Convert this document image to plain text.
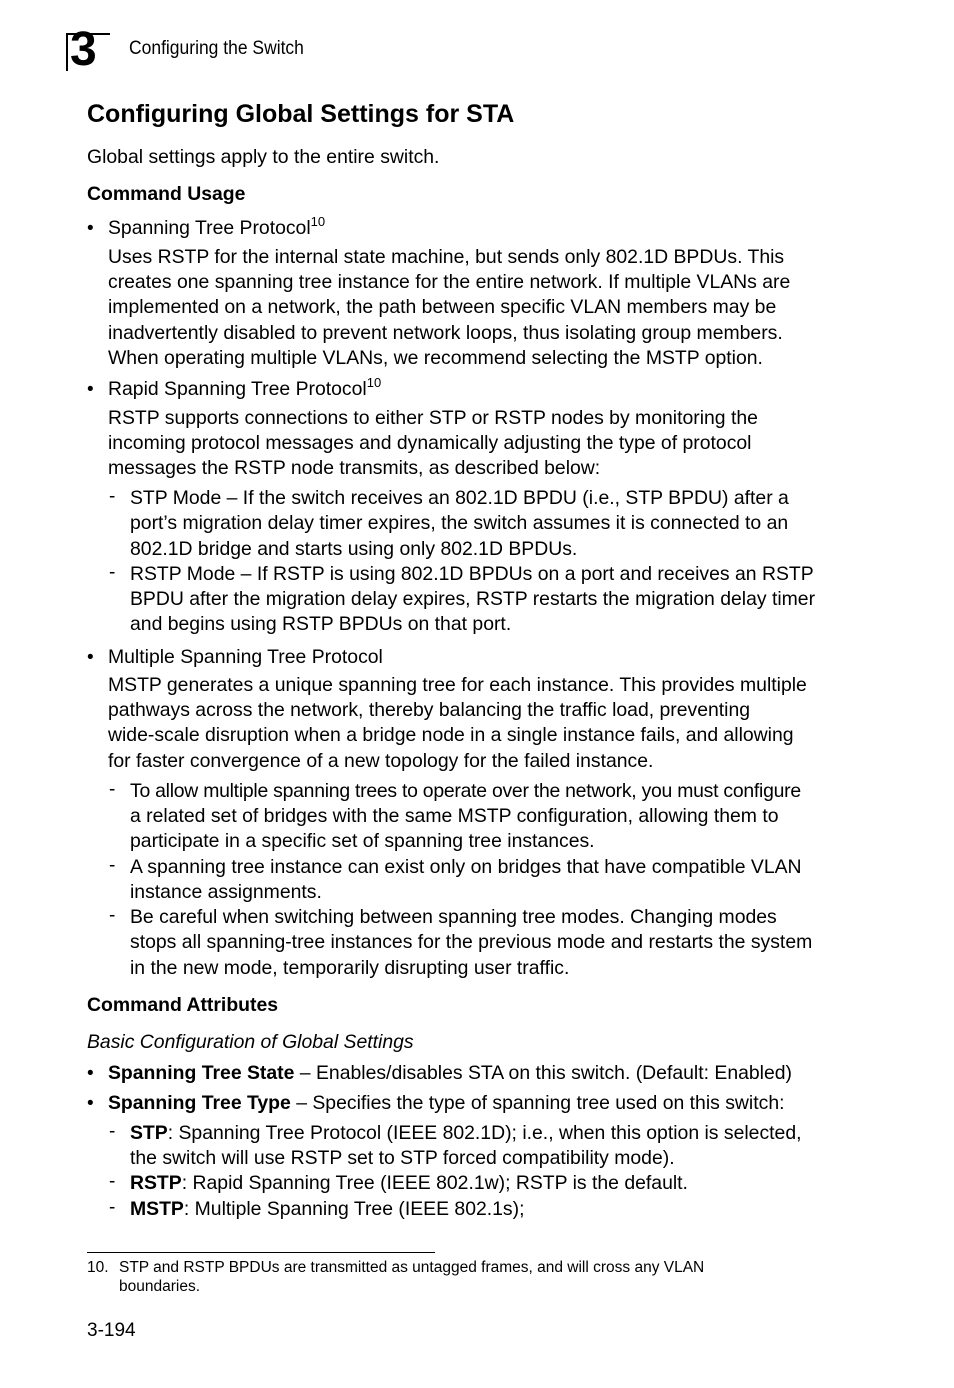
3 Configuring the Switch
Configuring Global Settings for STA
Global settings apply to the entire switch.
Command Usage
• Spanning Tree Protocol$^{10}$
Uses RSTP for the internal state machine, but sends only 802.1D BPDUs. This
creates one spanning tree instance for the entire network. If multiple VLANs are
implemented on a network, the path between specific VLAN members may be
inadvertently disabled to prevent network loops, thus isolating group members.
When operating multiple VLANs, we recommend selecting the MSTP option.
• Rapid Spanning Tree Protocol$^{10}$
RSTP supports connections to either STP or RSTP nodes by monitoring the
incoming protocol messages and dynamically adjusting the type of protocol
messages the RSTP node transmits, as described below:
- STP Mode – If the switch receives an 802.1D BPDU (i.e., STP BPDU) after a
port’s migration delay timer expires, the switch assumes it is connected to an
802.1D bridge and starts using only 802.1D BPDUs.
- RSTP Mode – If RSTP is using 802.1D BPDUs on a port and receives an RSTP
BPDU after the migration delay expires, RSTP restarts the migration delay timer
and begins using RSTP BPDUs on that port.
• Multiple Spanning Tree Protocol
MSTP generates a unique spanning tree for each instance. This provides multiple
pathways across the network, thereby balancing the traffic load, preventing
wide-scale disruption when a bridge node in a single instance fails, and allowing
for faster convergence of a new topology for the failed instance.
- To allow multiple spanning trees to operate over the network, you must configure
a related set of bridges with the same MSTP configuration, allowing them to
participate in a specific set of spanning tree instances.
- A spanning tree instance can exist only on bridges that have compatible VLAN
instance assignments.
- Be careful when switching between spanning tree modes. Changing modes
stops all spanning-tree instances for the previous mode and restarts the system
in the new mode, temporarily disrupting user traffic.
Command Attributes
Basic Configuration of Global Settings
• Spanning Tree State – Enables/disables STA on this switch. (Default: Enabled)
• Spanning Tree Type – Specifies the type of spanning tree used on this switch:
- STP: Spanning Tree Protocol (IEEE 802.1D); i.e., when this option is selected,
the switch will use RSTP set to STP forced compatibility mode).
- RSTP: Rapid Spanning Tree (IEEE 802.1w); RSTP is the default.
- MSTP: Multiple Spanning Tree (IEEE 802.1s);
10. STP and RSTP BPDUs are transmitted as untagged frames, and will cross any VLAN
boundaries.
3-194
